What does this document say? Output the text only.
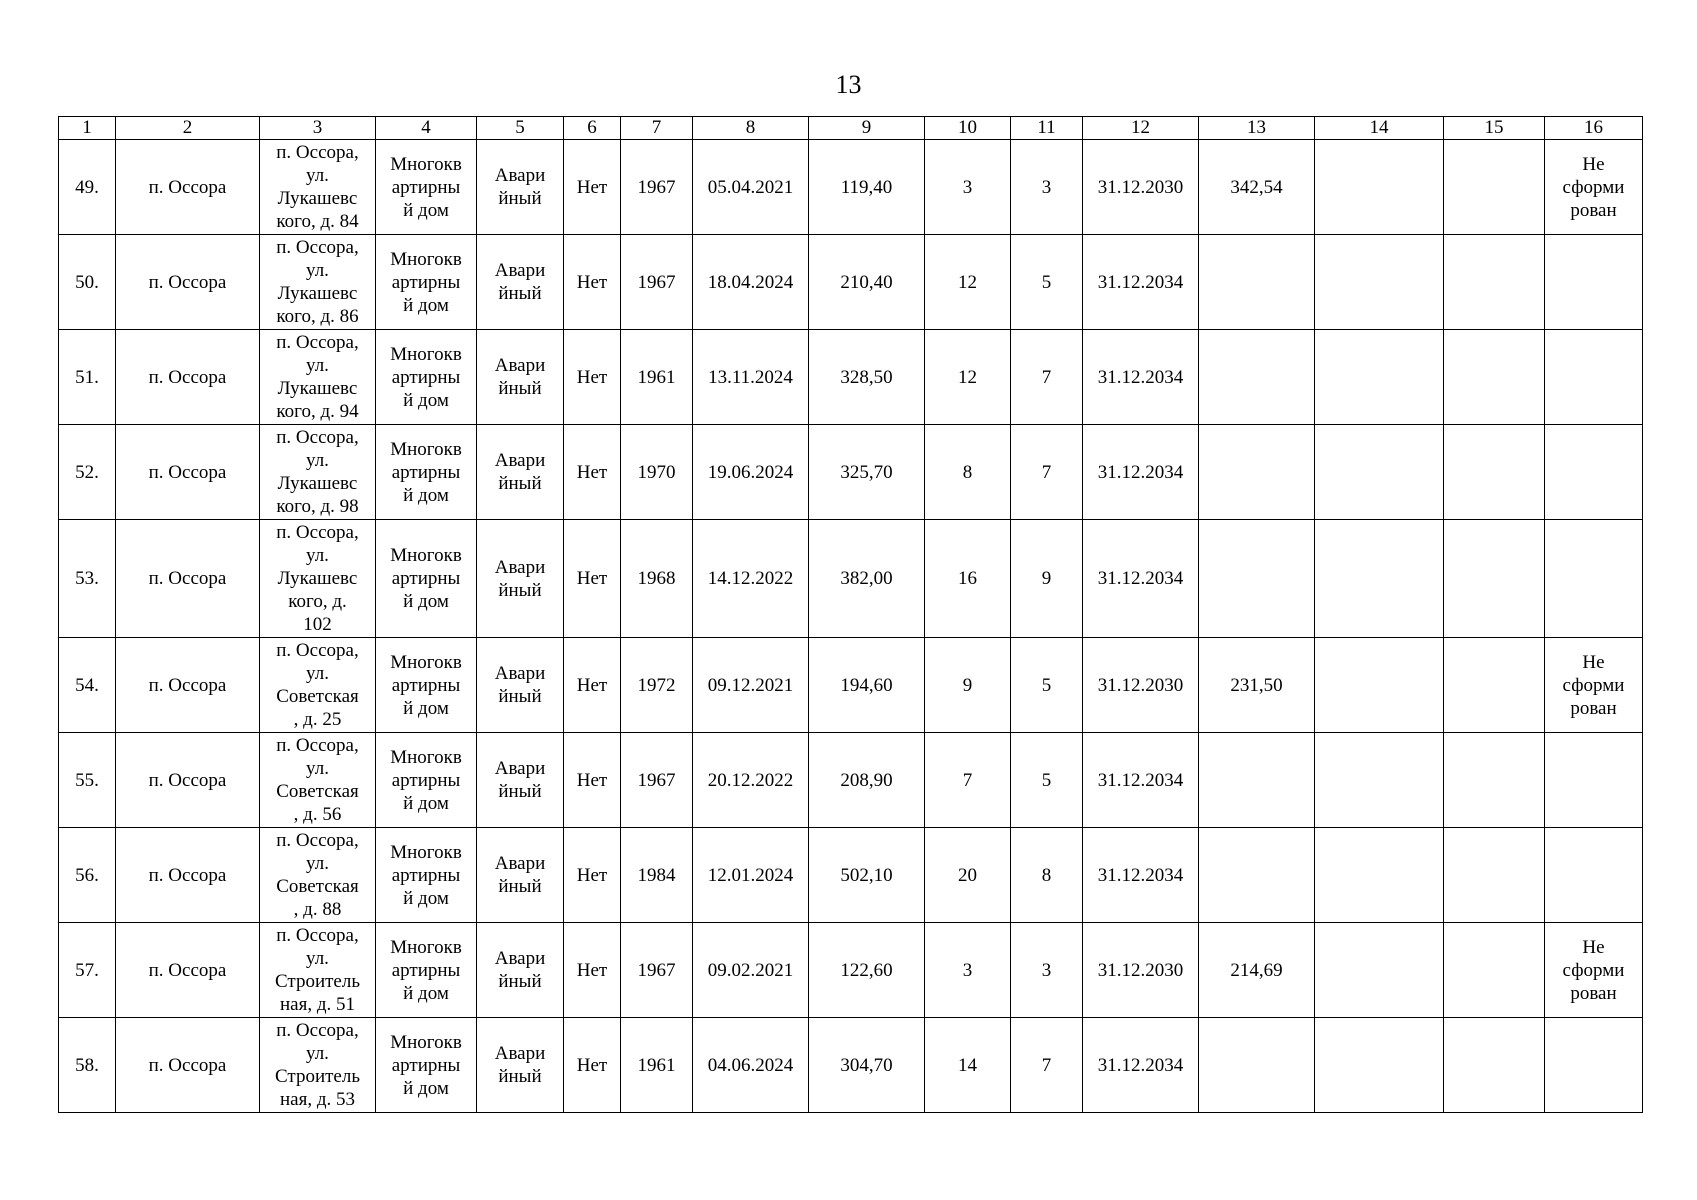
13
1	2	3	4	5	6	7	8	9	10	11	12	13	14	15	16
49.	п. Оссора	п. Оссора,
ул.
Лукашевс
кого, д. 84	Многокв
артирны
й дом	Авари
йный	Нет	1967	05.04.2021	119,40	3	3	31.12.2030	342,54			Не
сформи
рован
50.	п. Оссора	п. Оссора,
ул.
Лукашевс
кого, д. 86	Многокв
артирны
й дом	Авари
йный	Нет	1967	18.04.2024	210,40	12	5	31.12.2034				
51.	п. Оссора	п. Оссора,
ул.
Лукашевс
кого, д. 94	Многокв
артирны
й дом	Авари
йный	Нет	1961	13.11.2024	328,50	12	7	31.12.2034				
52.	п. Оссора	п. Оссора,
ул.
Лукашевс
кого, д. 98	Многокв
артирны
й дом	Авари
йный	Нет	1970	19.06.2024	325,70	8	7	31.12.2034				
53.	п. Оссора	п. Оссора,
ул.
Лукашевс
кого, д.
102	Многокв
артирны
й дом	Авари
йный	Нет	1968	14.12.2022	382,00	16	9	31.12.2034				
54.	п. Оссора	п. Оссора,
ул.
Советская
, д. 25	Многокв
артирны
й дом	Авари
йный	Нет	1972	09.12.2021	194,60	9	5	31.12.2030	231,50			Не
сформи
рован
55.	п. Оссора	п. Оссора,
ул.
Советская
, д. 56	Многокв
артирны
й дом	Авари
йный	Нет	1967	20.12.2022	208,90	7	5	31.12.2034				
56.	п. Оссора	п. Оссора,
ул.
Советская
, д. 88	Многокв
артирны
й дом	Авари
йный	Нет	1984	12.01.2024	502,10	20	8	31.12.2034				
57.	п. Оссора	п. Оссора,
ул.
Строитель
ная, д. 51	Многокв
артирны
й дом	Авари
йный	Нет	1967	09.02.2021	122,60	3	3	31.12.2030	214,69			Не
сформи
рован
58.	п. Оссора	п. Оссора,
ул.
Строитель
ная, д. 53	Многокв
артирны
й дом	Авари
йный	Нет	1961	04.06.2024	304,70	14	7	31.12.2034				
